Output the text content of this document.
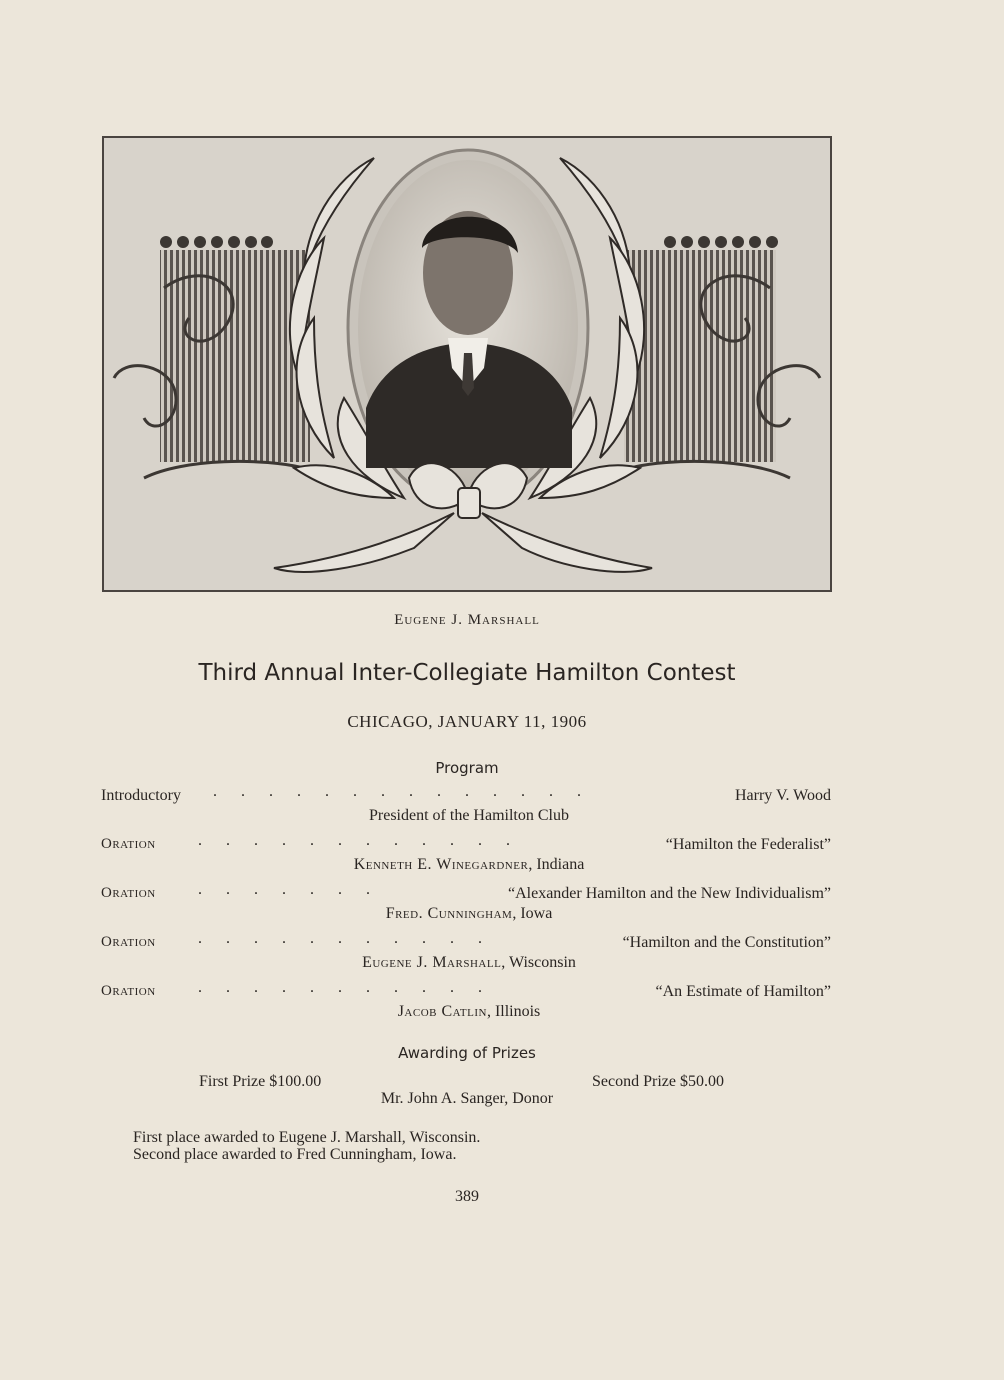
Eugene J. Marshall
Third Annual Inter-Collegiate Hamilton Contest
CHICAGO, JANUARY 11, 1906
Program
Introductory .      .      .      .      .      .      .      .      .      .      .      .      .      .	Harry V. Wood
President of the Hamilton Club
Oration	.      .      .      .      .      .      .      .      .      .      .      .	“Hamilton the Federalist”
Kenneth E. Winegardner, Indiana
Oration	.      .      .      .      .      .      .	“Alexander Hamilton and the New Individualism”
Fred. Cunningham, Iowa
Oration	.      .      .      .      .      .      .      .      .      .      .	“Hamilton and the Constitution”
Eugene J. Marshall, Wisconsin
Oration	.      .      .      .      .      .      .      .      .      .      .	“An Estimate of Hamilton”
Jacob Catlin, Illinois
Awarding of Prizes
First Prize $100.00	Second Prize $50.00
Mr. John A. Sanger, Donor
First place awarded to Eugene J. Marshall, Wisconsin.
Second place awarded to Fred Cunningham, Iowa.
389
